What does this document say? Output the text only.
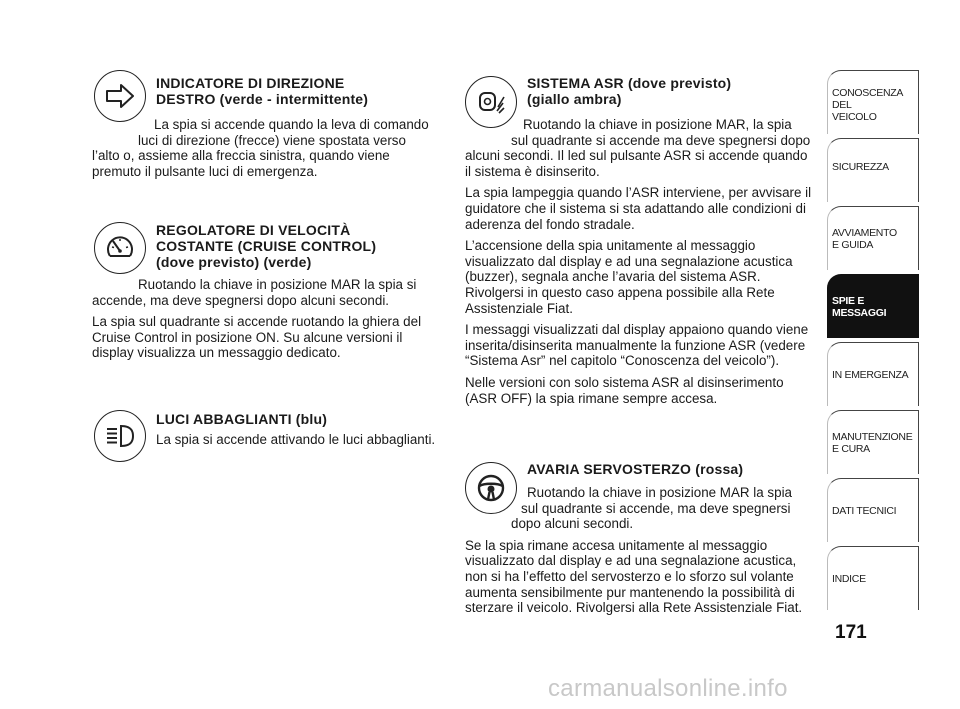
INDICATORE DI DIREZIONE
DESTRO (verde - intermittente)

La spia si accende quando la leva di comando

luci di direzione (frecce) viene spostata verso

l’alto o, assieme alla freccia sinistra, quando viene premuto il pulsante luci di emergenza.

REGOLATORE DI VELOCITÀ
COSTANTE (CRUISE CONTROL)
(dove previsto) (verde)

Ruotando la chiave in posizione MAR la spia si

accende, ma deve spegnersi dopo alcuni secondi.

La spia sul quadrante si accende ruotando la ghiera del Cruise Control in posizione ON. Su alcune versioni il display visualizza un messaggio dedicato.

LUCI ABBAGLIANTI (blu)

La spia si accende attivando le luci abbaglianti.

SISTEMA ASR (dove previsto)
(giallo ambra)

Ruotando la chiave in posizione MAR, la spia

sul quadrante si accende ma deve spegnersi dopo

alcuni secondi. Il led sul pulsante ASR si accende quando il sistema è disinserito.

La spia lampeggia quando l’ASR interviene, per avvisare il guidatore che il sistema si sta adattando alle condizioni di aderenza del fondo stradale.

L’accensione della spia unitamente al messaggio visualizzato dal display e ad una segnalazione acustica (buzzer), segnala anche l’avaria del sistema ASR. Rivolgersi in questo caso appena possibile alla Rete Assistenziale Fiat.

I messaggi visualizzati dal display appaiono quando viene inserita/disinserita manualmente la funzione ASR (vedere “Sistema Asr” nel capitolo “Conoscenza del veicolo”).

Nelle versioni con solo sistema ASR al disinserimento (ASR OFF) la spia rimane sempre accesa.

AVARIA SERVOSTERZO (rossa)

Ruotando la chiave in posizione MAR la spia

sul quadrante si accende, ma deve spegnersi

dopo alcuni secondi.

Se la spia rimane accesa unitamente al messaggio visualizzato dal display e ad una segnalazione acustica, non si ha l’effetto del servosterzo e lo sforzo sul volante aumenta sensibilmente pur mantenendo la possibilità di sterzare il veicolo. Rivolgersi alla Rete Assistenziale Fiat.

CONOSCENZA
DEL
VEICOLO
SICUREZZA
AVVIAMENTO
E GUIDA
SPIE E
MESSAGGI
IN EMERGENZA
MANUTENZIONE
E CURA
DATI TECNICI
INDICE
171
carmanualsonline.info
